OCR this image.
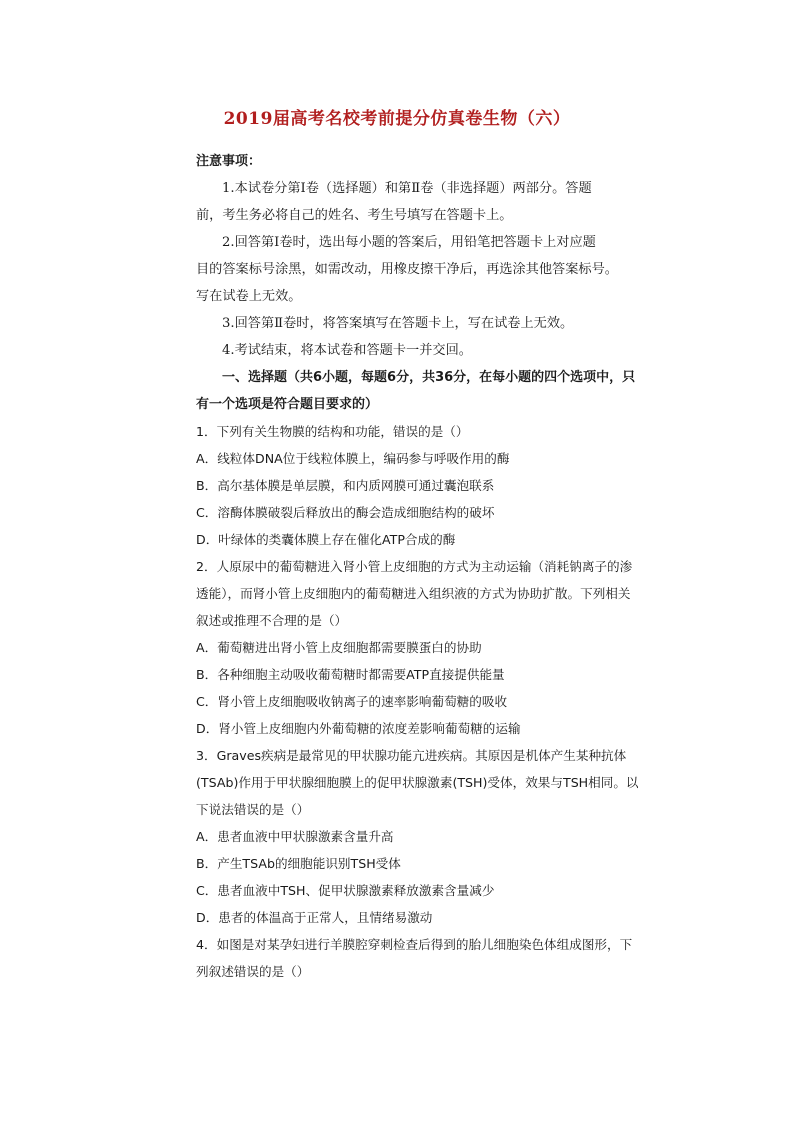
2019届高考名校考前提分仿真卷生物（六）
注意事项：
1.本试卷分第Ⅰ卷（选择题）和第Ⅱ卷（非选择题）两部分。答题
前，考生务必将自己的姓名、考生号填写在答题卡上。
2.回答第Ⅰ卷时，选出每小题的答案后，用铅笔把答题卡上对应题
目的答案标号涂黑，如需改动，用橡皮擦干净后，再选涂其他答案标号。
写在试卷上无效。
3.回答第Ⅱ卷时，将答案填写在答题卡上，写在试卷上无效。
4.考试结束，将本试卷和答题卡一并交回。
一、选择题（共6小题，每题6分，共36分，在每小题的四个选项中，只
有一个选项是符合题目要求的）
1．下列有关生物膜的结构和功能，错误的是（）
A．线粒体DNA位于线粒体膜上，编码参与呼吸作用的酶
B．高尔基体膜是单层膜，和内质网膜可通过囊泡联系
C．溶酶体膜破裂后释放出的酶会造成细胞结构的破坏
D．叶绿体的类囊体膜上存在催化ATP合成的酶
2．人原尿中的葡萄糖进入肾小管上皮细胞的方式为主动运输（消耗钠离子的渗
透能），而肾小管上皮细胞内的葡萄糖进入组织液的方式为协助扩散。下列相关
叙述或推理不合理的是（）
A．葡萄糖进出肾小管上皮细胞都需要膜蛋白的协助
B．各种细胞主动吸收葡萄糖时都需要ATP直接提供能量
C．肾小管上皮细胞吸收钠离子的速率影响葡萄糖的吸收
D．肾小管上皮细胞内外葡萄糖的浓度差影响葡萄糖的运输
3．Graves疾病是最常见的甲状腺功能亢进疾病。其原因是机体产生某种抗体
(TSAb)作用于甲状腺细胞膜上的促甲状腺激素(TSH)受体，效果与TSH相同。以
下说法错误的是（）
A．患者血液中甲状腺激素含量升高
B．产生TSAb的细胞能识别TSH受体
C．患者血液中TSH、促甲状腺激素释放激素含量减少
D．患者的体温高于正常人，且情绪易激动
4．如图是对某孕妇进行羊膜腔穿刺检查后得到的胎儿细胞染色体组成图形，下
列叙述错误的是（）
